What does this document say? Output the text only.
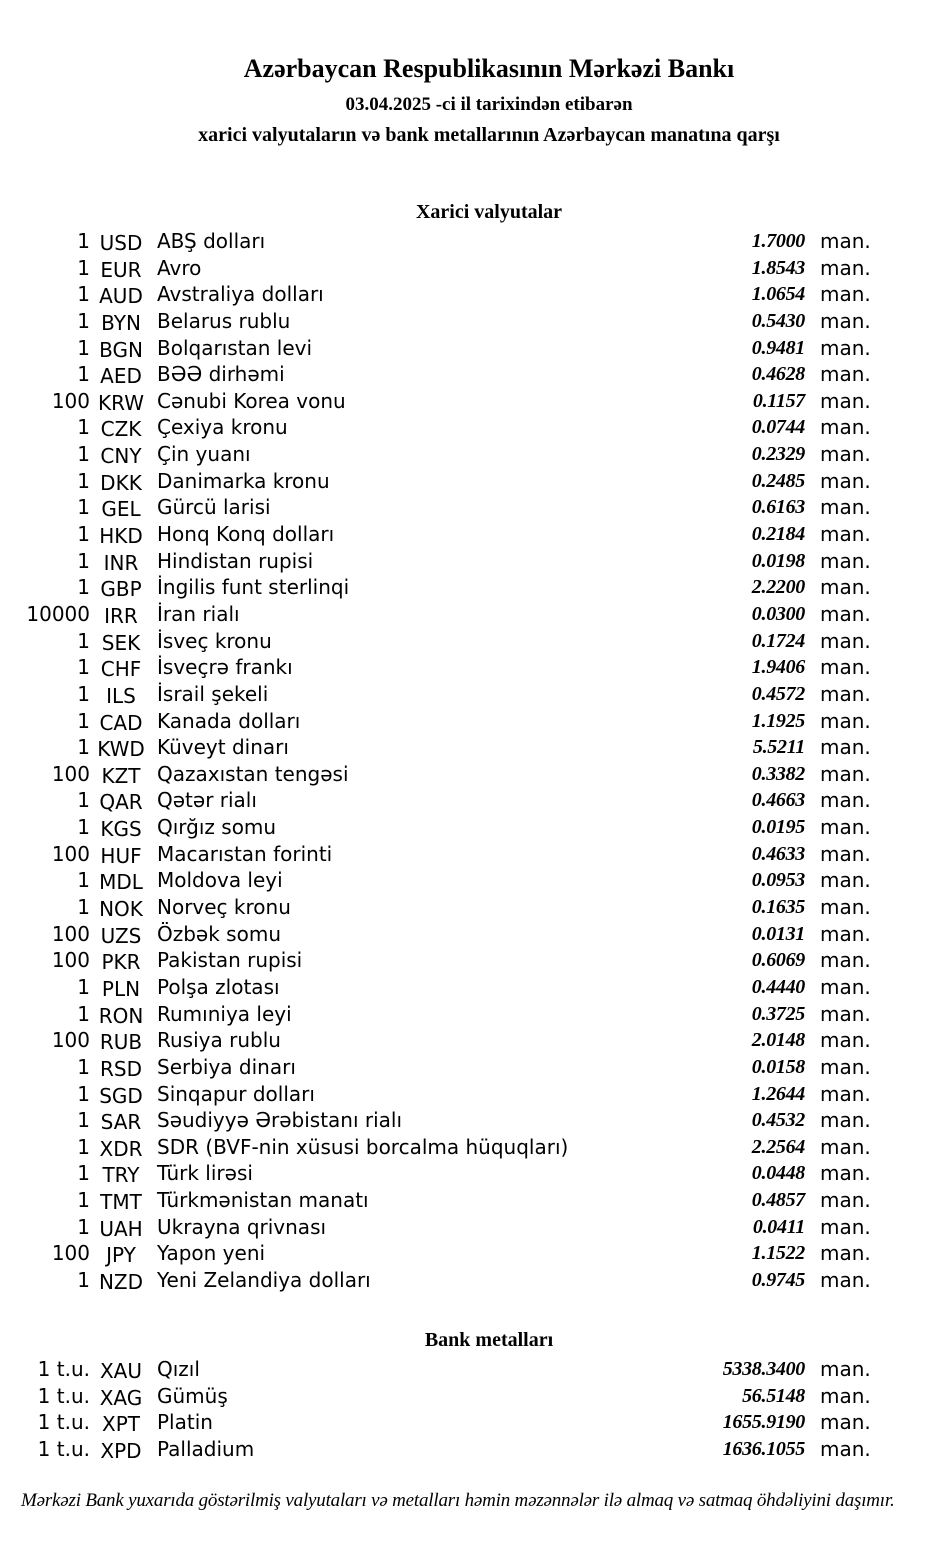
Azərbaycan Respublikasının Mərkəzi Bankı
03.04.2025 -ci il tarixindən etibarən
xarici valyutaların və bank metallarının Azərbaycan manatına qarşı
Xarici valyutalar
1 USD ABŞ dolları	1.7000 man.
1 EUR Avro	1.8543 man.
1 AUD Avstraliya dolları	1.0654 man.
1 BYN Belarus rublu	0.5430 man.
1 BGN Bolqarıstan levi	0.9481 man.
1 AED BƏƏ dirhəmi	0.4628 man.
100 KRW Cənubi Korea vonu	0.1157 man.
1 CZK Çexiya kronu	0.0744 man.
1 CNY Çin yuanı	0.2329 man.
1 DKK Danimarka kronu	0.2485 man.
1 GEL Gürcü larisi	0.6163 man.
1 HKD Honq Konq dolları	0.2184 man.
1 INR Hindistan rupisi	0.0198 man.
1 GBP İngilis funt sterlinqi	2.2200 man.
10000 IRR İran rialı	0.0300 man.
1 SEK İsveç kronu	0.1724 man.
1 CHF İsveçrə frankı	1.9406 man.
1 ILS	İsrail şekeli	0.4572 man.
1 CAD Kanada dolları	1.1925 man.
1 KWD Küveyt dinarı	5.5211 man.
100 KZT Qazaxıstan tengəsi	0.3382 man.
1 QAR Qətər rialı	0.4663 man.
1 KGS Qırğız somu	0.0195 man.
100 HUF Macarıstan forinti	0.4633 man.
1 MDL Moldova leyi	0.0953 man.
1 NOK Norveç kronu	0.1635 man.
100 UZS Özbək somu	0.0131 man.
100 PKR Pakistan rupisi	0.6069 man.
1 PLN Polşa zlotası	0.4440 man.
1 RON Rumıniya leyi	0.3725 man.
100 RUB Rusiya rublu	2.0148 man.
1 RSD Serbiya dinarı	0.0158 man.
1 SGD Sinqapur dolları	1.2644 man.
1 SAR Səudiyyə Ərəbistanı rialı	0.4532 man.
1 XDR SDR (BVF-nin xüsusi borcalma hüquqları)	2.2564 man.
1 TRY Türk lirəsi	0.0448 man.
1 TMT Türkmənistan manatı	0.4857 man.
1 UAH Ukrayna qrivnası	0.0411 man.
100 JPY	Yapon yeni	1.1522 man.
1 NZD Yeni Zelandiya dolları	0.9745 man.
Bank metalları
1 t.u. XAU Qızıl	5338.3400 man.
1 t.u. XAG Gümüş	56.5148 man.
1 t.u. XPT Platin	1655.9190 man.
1 t.u. XPD Palladium	1636.1055 man.
Mərkəzi Bank yuxarıda göstərilmiş valyutaları və metalları həmin məzənnələr ilə almaq və satmaq öhdəliyini daşımır.
